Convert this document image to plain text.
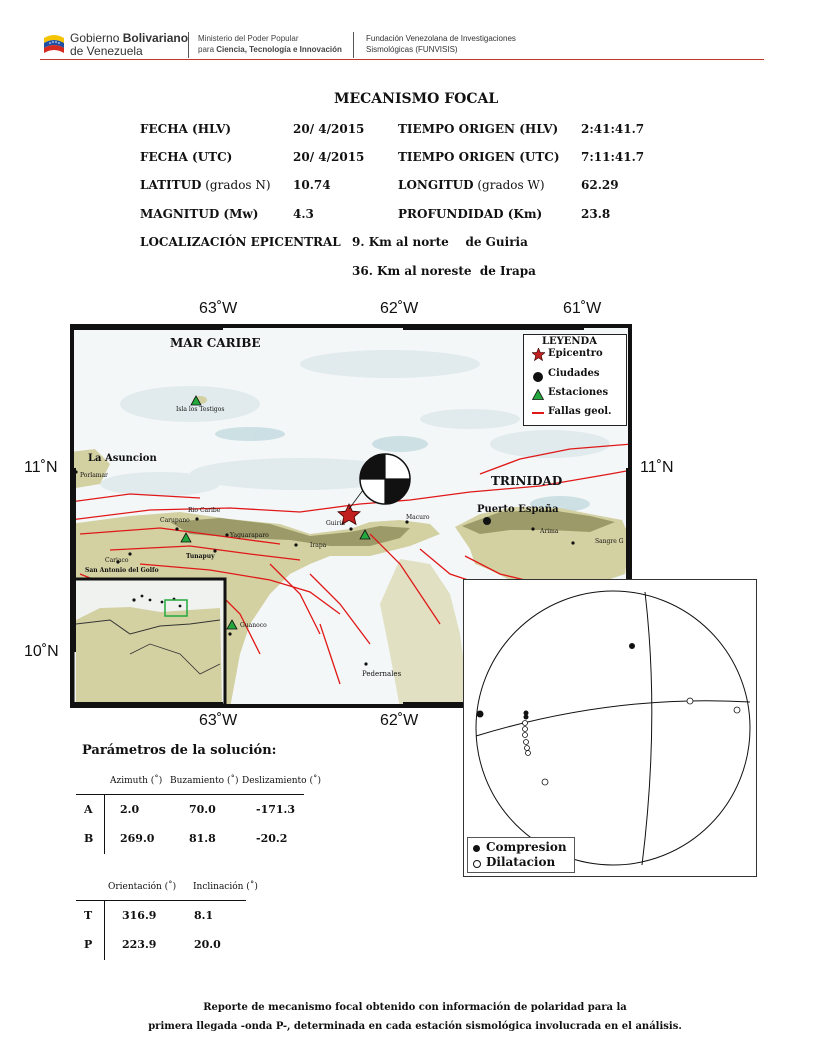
Gobierno Bolivariano
de Venezuela
Ministerio del Poder Popular
para Ciencia, Tecnología e Innovación
Fundación Venezolana de Investigaciones
Sismológicas (FUNVISIS)
MECANISMO FOCAL
FECHA (HLV)	20/ 4/2015	TIEMPO ORIGEN (HLV) 2:41:41.7
FECHA (UTC)	20/ 4/2015	TIEMPO ORIGEN (UTC) 7:11:41.7
LATITUD (grados N) 10.74	LONGITUD (grados W)	62.29
MAGNITUD (Mw)	4.3	PROFUNDIDAD (Km)	23.8
LOCALIZACIÓN EPICENTRAL 9. Km al norte    de Guiria
36. Km al noreste  de Irapa
63˚W	62˚W	61˚W
63˚W	62˚W
11˚N
10˚N
11˚N
MAR CARIBE
TRINIDAD
Isla los Testigos
La Asuncion
Porlamar
Rio Caribe
Carupano
Yaguaraparo
Tunapuy
Cariaco
San Antonio del Golfo
Guiria
Irapa
Macuro
Puerto España
Arima
Sangre G
Guanoco
Pedernales
LEYENDA
Epicentro
Ciudades
Estaciones
Fallas geol.
Compresion
Dilatacion
Parámetros de la solución:
Azimuth (˚) Buzamiento (˚) Deslizamiento (˚)
A 2.0	70.0	-171.3
B 269.0	81.8	-20.2
Orientación (˚) Inclinación (˚)
T	316.9	8.1
P	223.9	20.0
Reporte de mecanismo focal obtenido con información de polaridad para la
primera llegada -onda P-, determinada en cada estación sismológica involucrada en el análisis.
